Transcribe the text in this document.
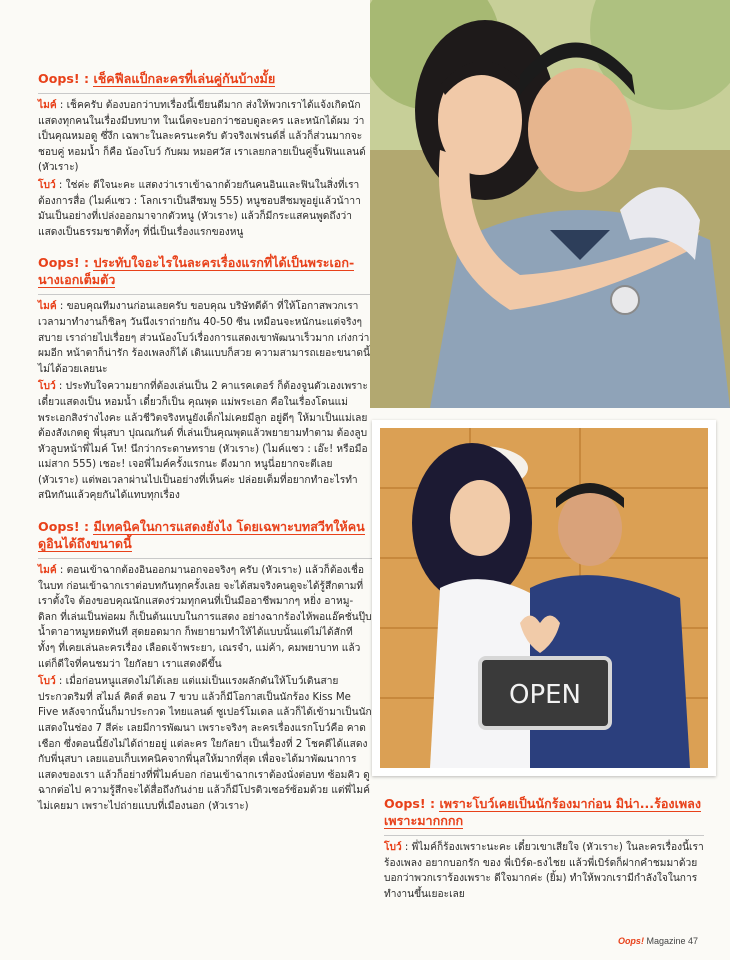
Oops! : เช็คฟีลแป็กละครที่เล่นคู่กันบ้างมั้ย

ไมค์ : เช็คครับ ต้องบอกว่าบทเรื่องนี้เขียนดีมาก ส่งให้พวกเราได้แจ้งเกิดนักแสดงทุกคนในเรื่องมีบทบาท ในเน็ตจะบอกว่าชอบดูละคร และหนักได้ผม ว่าเป็นคุณหมอดู ซึ่งึก เฉพาะในละครนะครับ ตัวจริงเฟรนด์ลี่ แล้วก็ส่วนมากจะชอบคู่ หอมน้ำ ก็คือ น้องโบว์ กับผม หมอศวัส เราเลยกลายเป็นคู่จิ้นฟินแลนด์ (หัวเราะ)

โบว์ : ใช่ค่ะ ดีใจนะคะ แสดงว่าเราเข้าฉากด้วยกันคนอินและฟินในสิ่งที่เราต้องการสื่อ (ไมค์แซว : โลกเราเป็นสีชมพู 555) หนูชอบสีชมพูอยู่แล้วน้าาา มันเป็นอย่างที่เปล่งออกมาจากตัวหนู (หัวเราะ) แล้วก็มีกระแสคนพูดถึงว่าแสดงเป็นธรรมชาติทั้งๆ ที่นี่เป็นเรื่องแรกของหนู

Oops! : ประทับใจอะไรในละครเรื่องแรกที่ได้เป็นพระเอก-นางเอกเต็มตัว

ไมค์ : ขอบคุณทีมงานก่อนเลยครับ ขอบคุณ บริษัทดีด้า ที่ให้โอกาสพวกเรา เวลามาทำงานก็ชิลๆ วันนึงเราถ่ายกัน 40-50 ซีน เหมือนจะหนักนะแต่จริงๆ สบาย เราถ่ายไปเรื่อยๆ ส่วนน้องโบว์เรื่องการแสดงเขาพัฒนาเร็วมาก เก่งกว่าผมอีก หน้าตาก็น่ารัก ร้องเพลงก็ได้ เดินแบบก็สวย ความสามารถเยอะขนาดนี้ไม่ได้อวยเลยนะ

โบว์ : ประทับใจความยากที่ต้องเล่นเป็น 2 คาแรคเตอร์ ก็ต้องจูนตัวเองเพราะเดี๋ยวแสดงเป็น หอมน้ำ เดี๋ยวก็เป็น คุณพุด แม่พระเอก คือในเรื่องโดนแม่พระเอกสิงร่างไงคะ แล้วชีวิตจริงหนูยังเด็กไม่เคยมีลูก อยู่ดีๆ ให้มาเป็นแม่เลยต้องสังเกตดู พี่นุสบา ปุณณกันต์ ที่เล่นเป็นคุณพุดแล้วพยายามทำตาม ต้องลูบหัวลูบหน้าพี่ไมค์ โห! นึกว่ากระดาษทราย (หัวเราะ) (ไมค์แซว : เอ๊ะ! หรือมือแม่สาก 555) เชอะ! เจอพี่ไมค์ครั้งแรกนะ ดีงมาก หนูนี่อยากจะตีเลย (หัวเราะ) แต่พอเวลาผ่านไปเป็นอย่างที่เห็นค่ะ ปล่อยเต็มที่อยากทำอะไรทำ สนิทกันแล้วคุยกันได้แทบทุกเรื่อง

Oops! : มีเทคนิคในการแสดงยังไง โดยเฉพาะบทสวีทให้คนดูอินได้ถึงขนาดนี้

ไมค์ : ตอนเข้าฉากต้องอินออกมานอกจอจริงๆ ครับ (หัวเราะ) แล้วก็ต้องเชื่อในบท ก่อนเข้าฉากเราต่อบทกันทุกครั้งเลย จะได้สมจริงคนดูจะได้รู้สึกตามที่เราตั้งใจ ต้องขอบคุณนักแสดงร่วมทุกคนที่เป็นมืออาชีพมากๆ หยิ่ง อาหมู-ดิลก ที่เล่นเป็นพ่อผม ก็เป็นต้นแบบในการแสดง อย่างฉากร้องไห้พอแอ๊คชั่นปุ๊บน้ำตาอาหมูหยดทันที สุดยอดมาก ก็พยายามทำให้ได้แบบนั้นแต่ไม่ได้สักที ทั้งๆ ที่เคยเล่นละครเรื่อง เลือดเจ้าพระยา, เณรจำ, แม่ค้า, คมพยาบาท แล้ว แต่ก็ดีใจที่คนชมว่า ใยกัลยา เราแสดงดีขึ้น

โบว์ : เมื่อก่อนหนูแสดงไม่ได้เลย แต่แม่เป็นแรงผลักดันให้โบว์เดินสายประกวดริมที่ สไมล์ คิดส์ ตอน 7 ขวบ แล้วก็มีโอกาสเป็นนักร้อง Kiss Me Five หลังจากนั้นก็มาประกวด ไทยแลนด์ ซูเปอร์โมเดล แล้วก็ได้เข้ามาเป็นนักแสดงในช่อง 7 สีค่ะ เลยมีการพัฒนา เพราะจริงๆ ละครเรื่องแรกโบว์คือ คาดเชือก ซึ่งตอนนี้ยังไม่ได้ถ่ายอยู่ แต่ละคร ใยกัลยา เป็นเรื่องที่ 2 โชคดีได้แสดงกับพี่นุสบา เลยแอบเก็บเทคนิคจากพี่นุสให้มากที่สุด เพื่อจะได้มาพัฒนาการแสดงของเรา แล้วก็อย่างที่พี่ไมค์บอก ก่อนเข้าฉากเราต้องนั่งต่อบท ซ้อมคิว ดูฉากต่อไป ความรู้สึกจะได้สื่อถึงกันง่าย แล้วก็มีโปรดิวเซอร์ซ้อมด้วย แต่พี่ไมค์ไม่เคยมา เพราะไปถ่ายแบบที่เมืองนอก (หัวเราะ)

OPEN
Oops! : เพราะโบว์เคยเป็นนักร้องมาก่อน มิน่า...ร้องเพลงเพราะมากกกก

โบว์ : พี่ไมค์ก็ร้องเพราะนะคะ เดี๋ยวเขาเสียใจ (หัวเราะ) ในละครเรื่องนี้เราร้องเพลง อยากบอกรัก ของ พี่เบิร์ด-ธงไชย แล้วพี่เบิร์ดก็ฝากคำชมมาด้วย บอกว่าพวกเราร้องเพราะ ดีใจมากค่ะ (ยิ้ม) ทำให้พวกเรามีกำลังใจในการทำงานขึ้นเยอะเลย

Oops! Magazine 47
